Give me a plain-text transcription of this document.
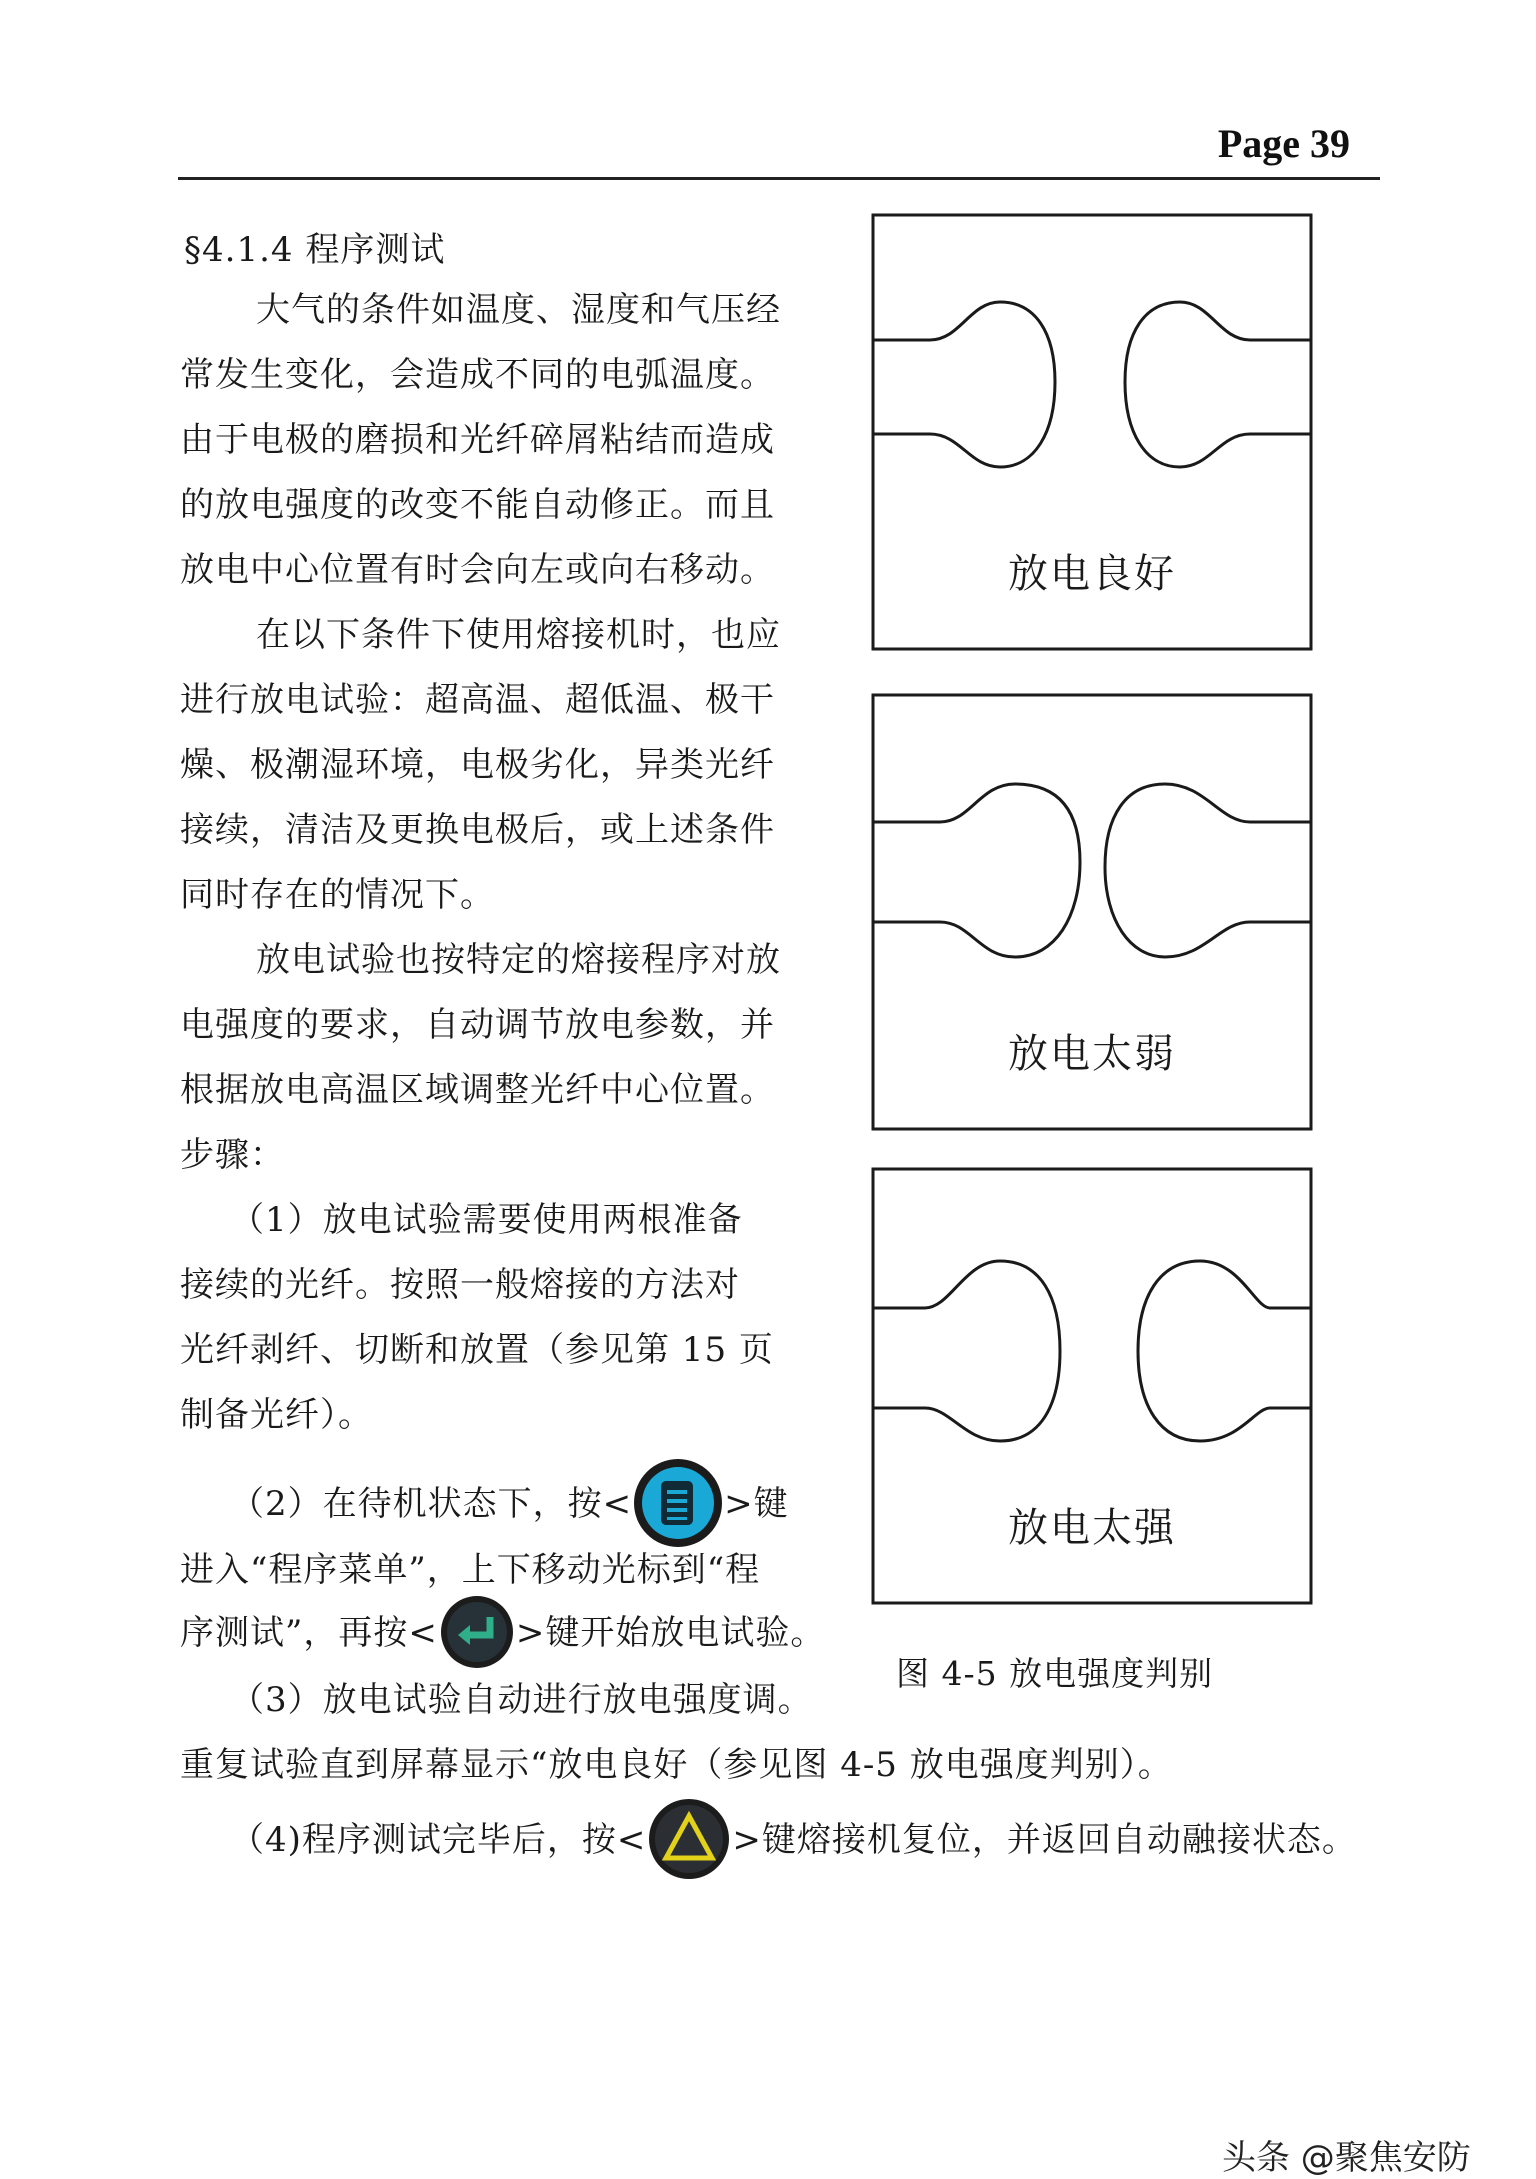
Page 39
§4.1.4 程序测试
大气的条件如温度、湿度和气压经
常发生变化，会造成不同的电弧温度。
由于电极的磨损和光纤碎屑粘结而造成
的放电强度的改变不能自动修正。而且
放电中心位置有时会向左或向右移动。
在以下条件下使用熔接机时，也应
进行放电试验：超高温、超低温、极干
燥、极潮湿环境，电极劣化，异类光纤
接续，清洁及更换电极后，或上述条件
同时存在的情况下。
放电试验也按特定的熔接程序对放
电强度的要求，自动调节放电参数，并
根据放电高温区域调整光纤中心位置。
步骤：
（1）放电试验需要使用两根准备
接续的光纤。按照一般熔接的方法对
光纤剥纤、切断和放置（参见第 15 页
制备光纤）。
（2）在待机状态下，按<	>键
进入“程序菜单”，上下移动光标到“程
序测试”，再按< >键开始放电试验。
（3）放电试验自动进行放电强度调。
重复试验直到屏幕显示“放电良好（参见图 4-5 放电强度判别）。
（4)程序测试完毕后，按<	>键熔接机复位，并返回自动融接状态。
放电良好
放电太弱
放电太强
图 4-5 放电强度判别
头条 @聚焦安防
